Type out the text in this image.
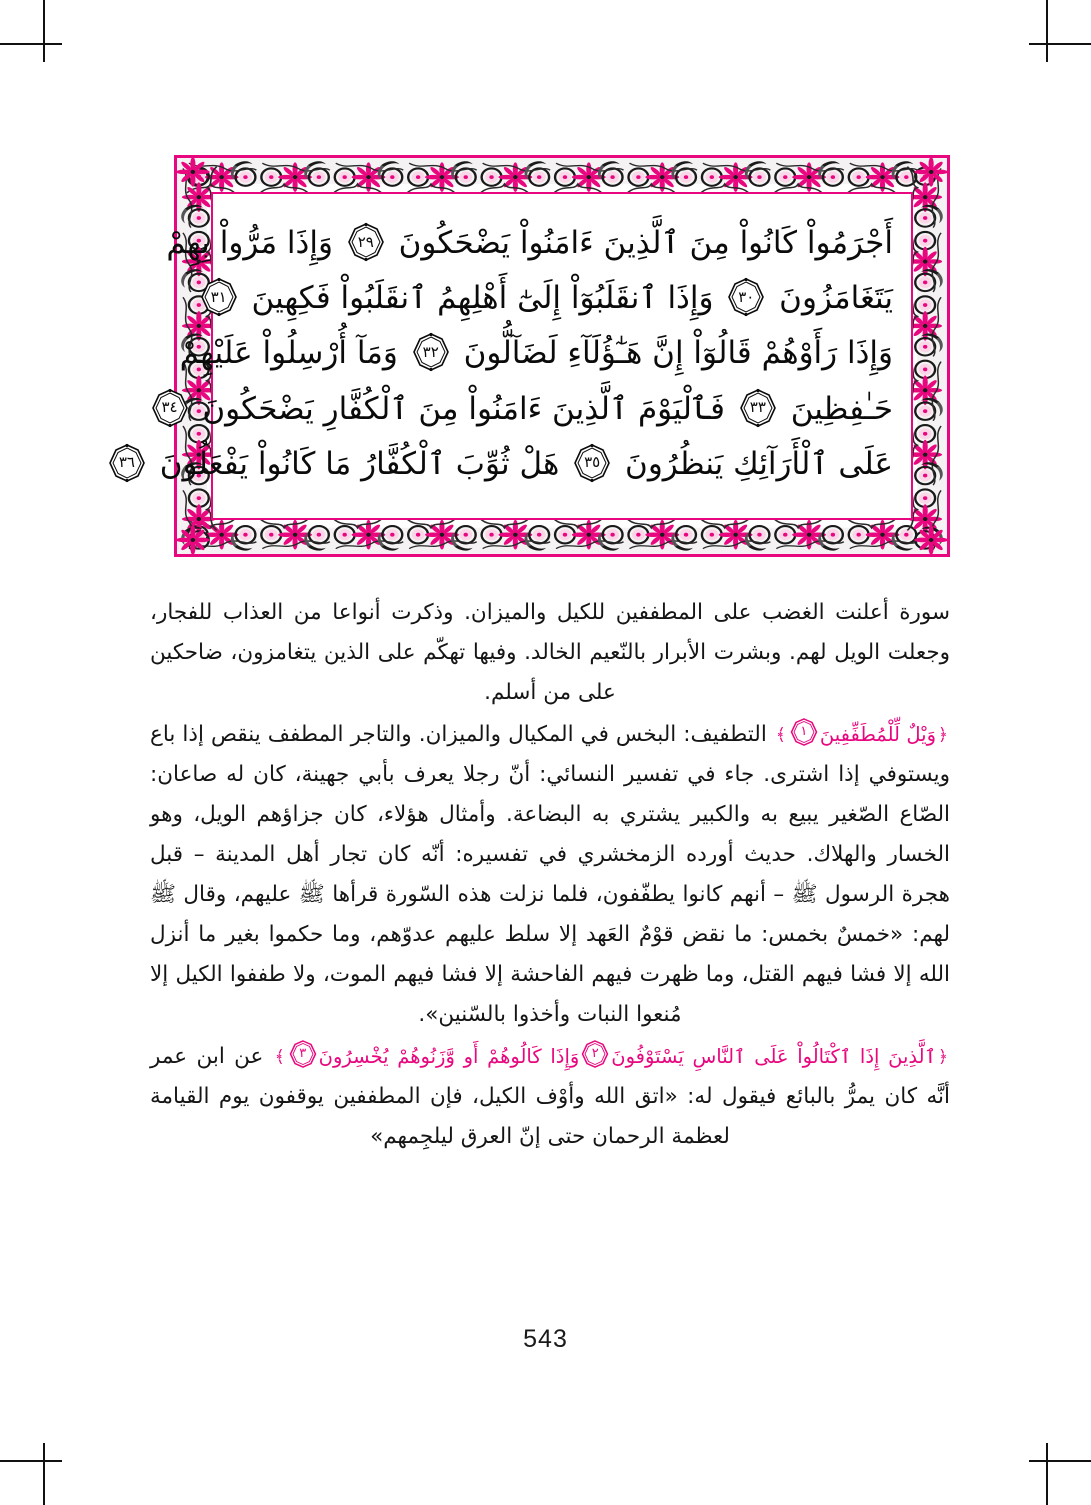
أَجْرَمُواْ كَانُواْ مِنَ ٱلَّذِينَ ءَامَنُواْ يَضْحَكُونَ
٢٩
وَإِذَا مَرُّواْ بِهِمْ
يَتَغَامَزُونَ
٣٠
وَإِذَا ٱنقَلَبُوٓاْ إِلَىٰٓ أَهْلِهِمُ ٱنقَلَبُواْ فَكِهِينَ
٣١
وَإِذَا رَأَوْهُمْ قَالُوٓاْ إِنَّ هَـٰٓؤُلَآءِ لَضَآلُّونَ
٣٢
وَمَآ أُرْسِلُواْ عَلَيْهِمْ
حَـٰفِظِينَ
٣٣
فَٱلْيَوْمَ ٱلَّذِينَ ءَامَنُواْ مِنَ ٱلْكُفَّارِ يَضْحَكُونَ
٣٤
عَلَى ٱلْأَرَآئِكِ يَنظُرُونَ
٣٥
هَلْ ثُوِّبَ ٱلْكُفَّارُ مَا كَانُواْ يَفْعَلُونَ
٣٦

سورة أعلنت الغضب على المطففين للكيل والميزان. وذكرت أنواعا من العذاب للفجار، وجعلت الويل لهم. وبشرت الأبرار بالنّعيم الخالد. وفيها تهكّم على الذين يتغامزون، ضاحكين على من أسلم.

﴿وَيْلٌ لِّلْمُطَفِّفِينَ
١
﴾ التطفيف: البخس في المكيال والميزان. والتاجر المطفف ينقص إذا باع ويستوفي إذا اشترى. جاء في تفسير النسائي: أنّ رجلا يعرف بأبي جهينة، كان له صاعان: الصّاع الصّغير يبيع به والكبير يشتري به البضاعة. وأمثال هؤلاء، كان جزاؤهم الويل، وهو الخسار والهلاك. حديث أورده الزمخشري في تفسيره: أنّه كان تجار أهل المدينة – قبل هجرة الرسول ﷺ – أنهم كانوا يطفّفون، فلما نزلت هذه السّورة قرأها ﷺ عليهم، وقال ﷺ لهم: «خمسٌ بخمس: ما نقض قوْمٌ العَهد إلا سلط عليهم عدوّهم، وما حكموا بغير ما أنزل الله إلا فشا فيهم القتل، وما ظهرت فيهم الفاحشة إلا فشا فيهم الموت، ولا طففوا الكيل إلا مُنعوا النبات وأخذوا بالسّنين».

﴿ٱلَّذِينَ إِذَا ٱكْتَالُواْ عَلَى ٱلنَّاسِ يَسْتَوْفُونَ
٢
وَإِذَا كَالُوهُمْ أَو وَّزَنُوهُمْ يُخْسِرُونَ
٣
﴾ عن ابن عمر أنَّه كان يمرُّ بالبائع فيقول له: «اتق الله وأوْف الكيل، فإن المطففين يوقفون يوم القيامة لعظمة الرحمان حتى إنّ العرق ليلجِمهم»

543
